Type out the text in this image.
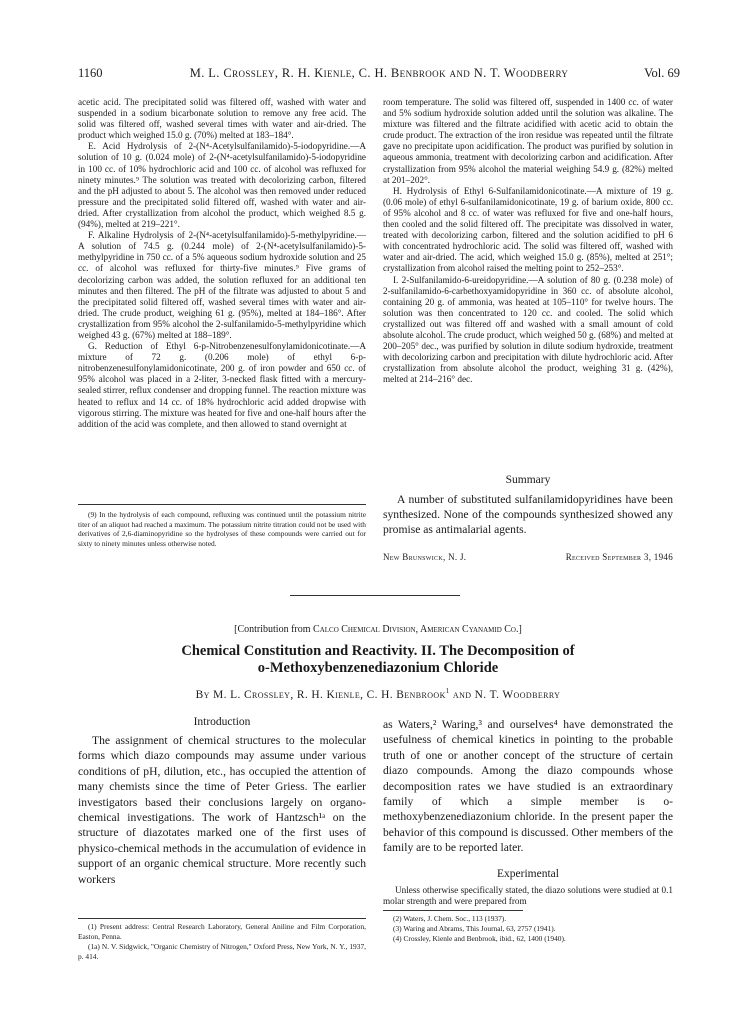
1160	M. L. Crossley, R. H. Kienle, C. H. Benbrook and N. T. Woodberry	Vol. 69

acetic acid. The precipitated solid was filtered off, washed with water and suspended in a sodium bicarbonate solution to remove any free acid. The solid was filtered off, washed several times with water and air-dried. The product which weighed 15.0 g. (70%) melted at 183–184°.

E. Acid Hydrolysis of 2-(N⁴-Acetylsulfanilamido)-5-iodopyridine.—A solution of 10 g. (0.024 mole) of 2-(N⁴-acetylsulfanilamido)-5-iodopyridine in 100 cc. of 10% hydrochloric acid and 100 cc. of alcohol was refluxed for ninety minutes.⁹ The solution was treated with decolorizing carbon, filtered and the pH adjusted to about 5. The alcohol was then removed under reduced pressure and the precipitated solid filtered off, washed with water and air-dried. After crystallization from alcohol the product, which weighed 8.5 g. (94%), melted at 219–221°.

F. Alkaline Hydrolysis of 2-(N⁴-acetylsulfanilamido)-5-methylpyridine.—A solution of 74.5 g. (0.244 mole) of 2-(N⁴-acetylsulfanilamido)-5-methylpyridine in 750 cc. of a 5% aqueous sodium hydroxide solution and 25 cc. of alcohol was refluxed for thirty-five minutes.⁹ Five grams of decolorizing carbon was added, the solution refluxed for an additional ten minutes and then filtered. The pH of the filtrate was adjusted to about 5 and the precipitated solid filtered off, washed several times with water and air-dried. The crude product, weighing 61 g. (95%), melted at 184–186°. After crystallization from 95% alcohol the 2-sulfanilamido-5-methylpyridine which weighed 43 g. (67%) melted at 188–189°.

G. Reduction of Ethyl 6-p-Nitrobenzenesulfonylamidonicotinate.—A mixture of 72 g. (0.206 mole) of ethyl 6-p-nitrobenzenesulfonylamidonicotinate, 200 g. of iron powder and 650 cc. of 95% alcohol was placed in a 2-liter, 3-necked flask fitted with a mercury-sealed stirrer, reflux condenser and dropping funnel. The reaction mixture was heated to reflux and 14 cc. of 18% hydrochloric acid added dropwise with vigorous stirring. The mixture was heated for five and one-half hours after the addition of the acid was complete, and then allowed to stand overnight at

(9) In the hydrolysis of each compound, refluxing was continued until the potassium nitrite titer of an aliquot had reached a maximum. The potassium nitrite titration could not be used with derivatives of 2,6-diaminopyridine so the hydrolyses of these compounds were carried out for sixty to ninety minutes unless otherwise noted.

room temperature. The solid was filtered off, suspended in 1400 cc. of water and 5% sodium hydroxide solution added until the solution was alkaline. The mixture was filtered and the filtrate acidified with acetic acid to obtain the crude product. The extraction of the iron residue was repeated until the filtrate gave no precipitate upon acidification. The product was purified by solution in aqueous ammonia, treatment with decolorizing carbon and acidification. After crystallization from 95% alcohol the material weighing 54.9 g. (82%) melted at 201–202°.

H. Hydrolysis of Ethyl 6-Sulfanilamidonicotinate.—A mixture of 19 g. (0.06 mole) of ethyl 6-sulfanilamidonicotinate, 19 g. of barium oxide, 800 cc. of 95% alcohol and 8 cc. of water was refluxed for five and one-half hours, then cooled and the solid filtered off. The precipitate was dissolved in water, treated with decolorizing carbon, filtered and the solution acidified to pH 6 with concentrated hydrochloric acid. The solid was filtered off, washed with water and air-dried. The acid, which weighed 15.0 g. (85%), melted at 251°; crystallization from alcohol raised the melting point to 252–253°.

I. 2-Sulfanilamido-6-ureidopyridine.—A solution of 80 g. (0.238 mole) of 2-sulfanilamido-6-carbethoxyamidopyridine in 360 cc. of absolute alcohol, containing 20 g. of ammonia, was heated at 105–110° for twelve hours. The solution was then concentrated to 120 cc. and cooled. The solid which crystallized out was filtered off and washed with a small amount of cold absolute alcohol. The crude product, which weighed 50 g. (68%) and melted at 200–205° dec., was purified by solution in dilute sodium hydroxide, treatment with decolorizing carbon and precipitation with dilute hydrochloric acid. After crystallization from absolute alcohol the product, weighing 31 g. (42%), melted at 214–216° dec.

Summary

A number of substituted sulfanilamidopyridines have been synthesized. None of the compounds synthesized showed any promise as antimalarial agents.

New Brunswick, N. J.	Received September 3, 1946
[Contribution from Calco Chemical Division, American Cyanamid Co.]
Chemical Constitution and Reactivity. II. The Decomposition of
o-Methoxybenzenediazonium Chloride
By M. L. Crossley, R. H. Kienle, C. H. Benbrook$^1$ and N. T. Woodberry
Introduction

The assignment of chemical structures to the molecular forms which diazo compounds may assume under various conditions of pH, dilution, etc., has occupied the attention of many chemists since the time of Peter Griess. The earlier investigators based their conclusions largely on organo-chemical investigations. The work of Hantzsch¹ᵃ on the structure of diazotates marked one of the first uses of physico-chemical methods in the accumulation of evidence in support of an organic chemical structure. More recently such workers

as Waters,² Waring,³ and ourselves⁴ have demonstrated the usefulness of chemical kinetics in pointing to the probable truth of one or another concept of the structure of certain diazo compounds. Among the diazo compounds whose decomposition rates we have studied is an extraordinary family of which a simple member is o-methoxybenzenediazonium chloride. In the present paper the behavior of this compound is discussed. Other members of the family are to be reported later.

(1) Present address: Central Research Laboratory, General Aniline and Film Corporation, Easton, Penna.

(1a) N. V. Sidgwick, "Organic Chemistry of Nitrogen," Oxford Press, New York, N. Y., 1937, p. 414.

Experimental

Unless otherwise specifically stated, the diazo solutions were studied at 0.1 molar strength and were prepared from

(2) Waters, J. Chem. Soc., 113 (1937).

(3) Waring and Abrams, This Journal, 63, 2757 (1941).

(4) Crossley, Kienle and Benbrook, ibid., 62, 1400 (1940).
